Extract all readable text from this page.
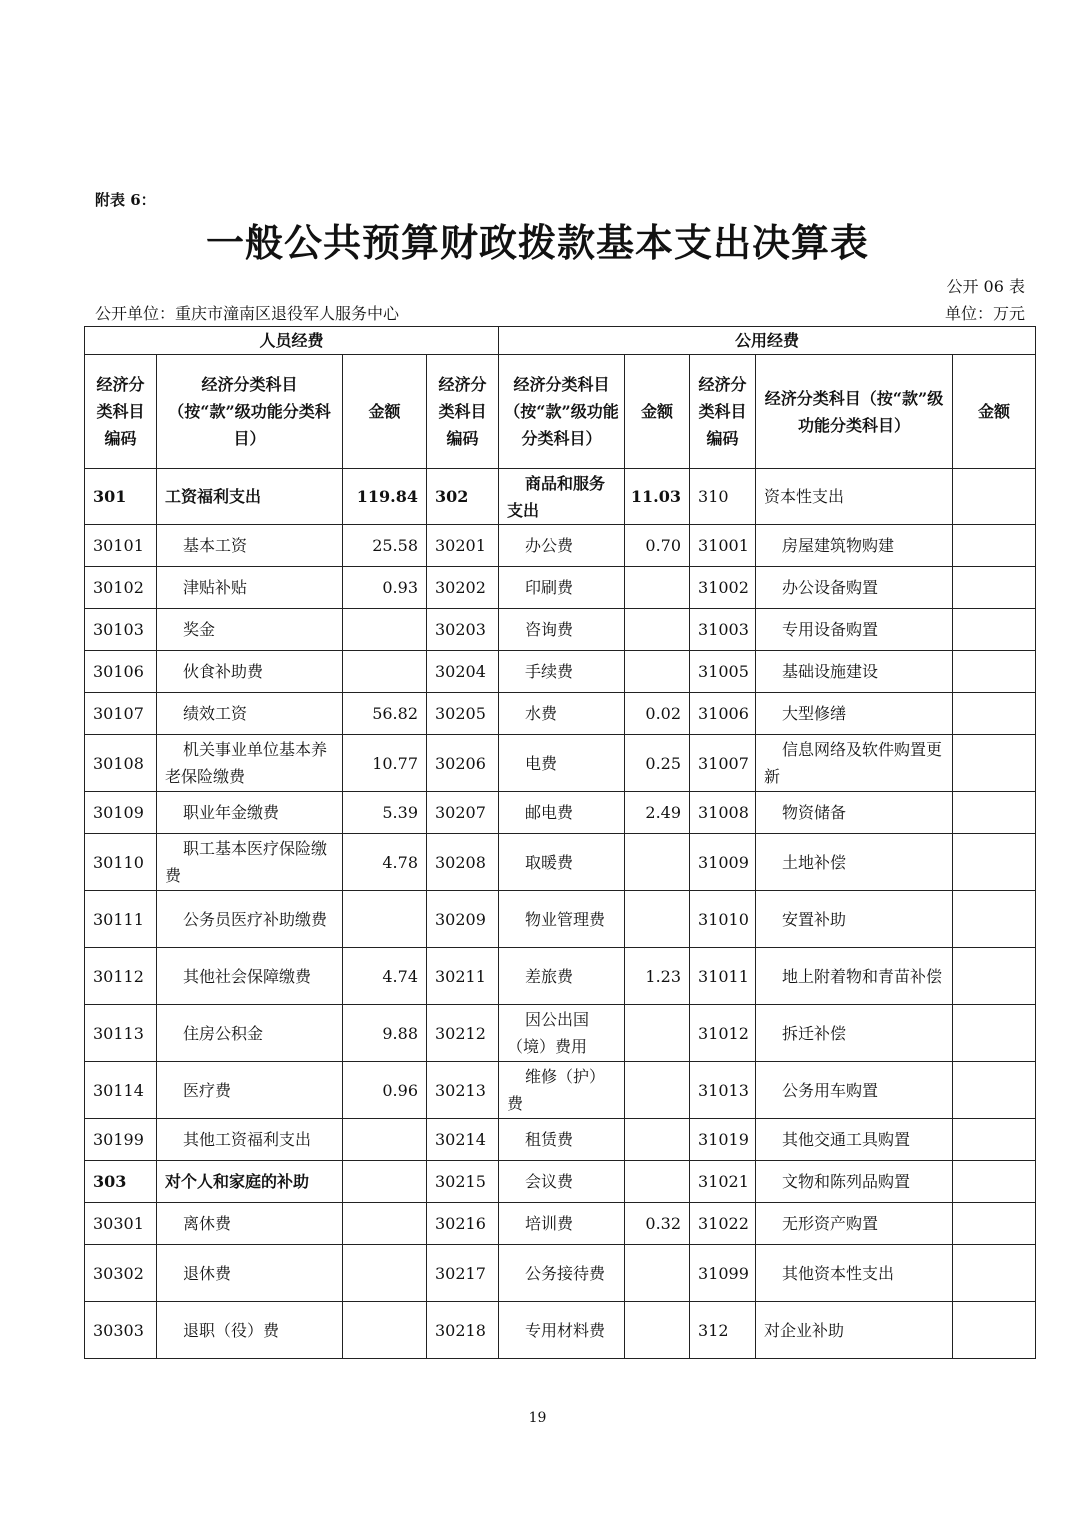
附表 6：
一般公共预算财政拨款基本支出决算表
公开 06 表
公开单位：重庆市潼南区退役军人服务中心	单位：万元
人员经费				公用经费				
经济分类科目编码	经济分类科目（按“款”级功能分类科目）	金额	经济分类科目编码	经济分类科目（按“款”级功能分类科目）	金额	经济分类科目编码	经济分类科目（按“款”级功能分类科目）	金额
301	工资福利支出	119.84	302	商品和服务支出	11.03	310	资本性支出	
30101	基本工资	25.58	30201	办公费	0.70	31001	房屋建筑物购建	
30102	津贴补贴	0.93	30202	印刷费		31002	办公设备购置	
30103	奖金		30203	咨询费		31003	专用设备购置	
30106	伙食补助费		30204	手续费		31005	基础设施建设	
30107	绩效工资	56.82	30205	水费	0.02	31006	大型修缮	
30108	机关事业单位基本养老保险缴费	10.77	30206	电费	0.25	31007	信息网络及软件购置更新	
30109	职业年金缴费	5.39	30207	邮电费	2.49	31008	物资储备	
30110	职工基本医疗保险缴费	4.78	30208	取暖费		31009	土地补偿	
30111	公务员医疗补助缴费		30209	物业管理费		31010	安置补助	
30112	其他社会保障缴费	4.74	30211	差旅费	1.23	31011	地上附着物和青苗补偿	
30113	住房公积金	9.88	30212	因公出国（境）费用		31012	拆迁补偿	
30114	医疗费	0.96	30213	维修（护）费		31013	公务用车购置	
30199	其他工资福利支出		30214	租赁费		31019	其他交通工具购置	
303	对个人和家庭的补助		30215	会议费		31021	文物和陈列品购置	
30301	离休费		30216	培训费	0.32	31022	无形资产购置	
30302	退休费		30217	公务接待费		31099	其他资本性支出	
30303	退职（役）费		30218	专用材料费		312	对企业补助	
19
